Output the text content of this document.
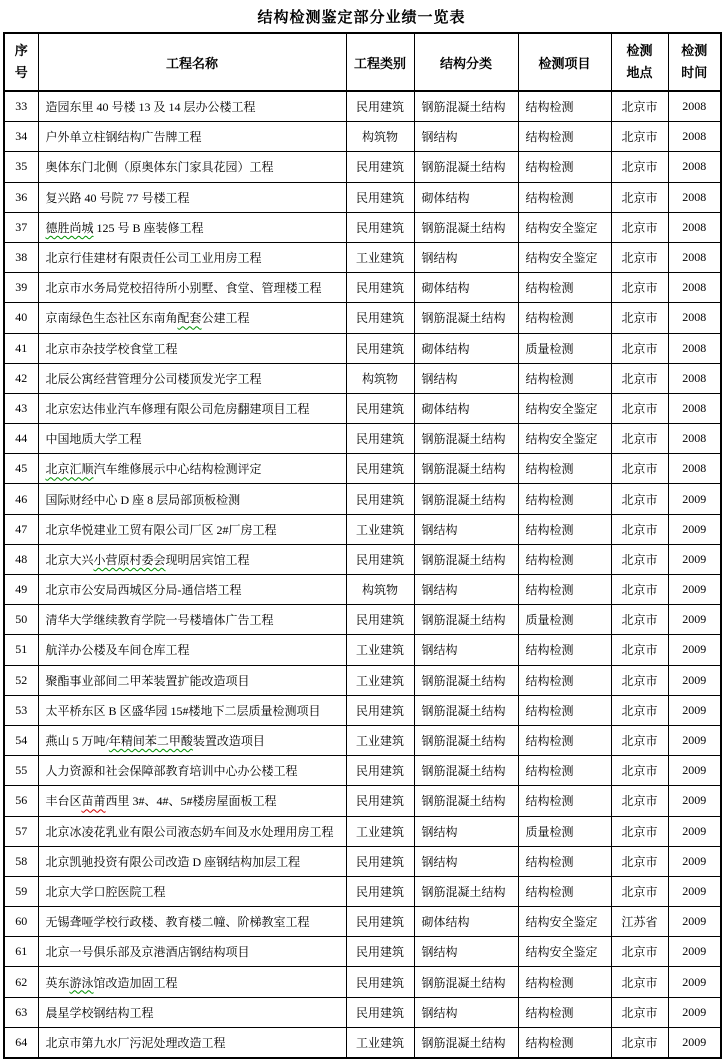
结构检测鉴定部分业绩一览表
序号	工程名称	工程类别	结构分类	检测项目	检测地点	检测时间
33	造园东里 40 号楼 13 及 14 层办公楼工程	民用建筑	钢筋混凝土结构	结构检测	北京市	2008
34	户外单立柱钢结构广告牌工程	构筑物	钢结构	结构检测	北京市	2008
35	奥体东门北侧（原奥体东门家具花园）工程	民用建筑	钢筋混凝土结构	结构检测	北京市	2008
36	复兴路 40 号院 77 号楼工程	民用建筑	砌体结构	结构检测	北京市	2008
37	德胜尚城 125 号 B 座装修工程	民用建筑	钢筋混凝土结构	结构安全鉴定	北京市	2008
38	北京行佳建材有限责任公司工业用房工程	工业建筑	钢结构	结构安全鉴定	北京市	2008
39	北京市水务局党校招待所小别墅、食堂、管理楼工程	民用建筑	砌体结构	结构检测	北京市	2008
40	京南绿色生态社区东南角配套公建工程	民用建筑	钢筋混凝土结构	结构检测	北京市	2008
41	北京市杂技学校食堂工程	民用建筑	砌体结构	质量检测	北京市	2008
42	北辰公寓经营管理分公司楼顶发光字工程	构筑物	钢结构	结构检测	北京市	2008
43	北京宏达伟业汽车修理有限公司危房翻建项目工程	民用建筑	砌体结构	结构安全鉴定	北京市	2008
44	中国地质大学工程	民用建筑	钢筋混凝土结构	结构安全鉴定	北京市	2008
45	北京汇顺汽车维修展示中心结构检测评定	民用建筑	钢筋混凝土结构	结构检测	北京市	2008
46	国际财经中心 D 座 8 层局部顶板检测	民用建筑	钢筋混凝土结构	结构检测	北京市	2009
47	北京华悦建业工贸有限公司厂区 2#厂房工程	工业建筑	钢结构	结构检测	北京市	2009
48	北京大兴小营原村委会现明居宾馆工程	民用建筑	钢筋混凝土结构	结构检测	北京市	2009
49	北京市公安局西城区分局-通信塔工程	构筑物	钢结构	结构检测	北京市	2009
50	清华大学继续教育学院一号楼墙体广告工程	民用建筑	钢筋混凝土结构	质量检测	北京市	2009
51	航洋办公楼及车间仓库工程	工业建筑	钢结构	结构检测	北京市	2009
52	聚酯事业部间二甲苯装置扩能改造项目	工业建筑	钢筋混凝土结构	结构检测	北京市	2009
53	太平桥东区 B 区盛华园 15#楼地下二层质量检测项目	民用建筑	钢筋混凝土结构	结构检测	北京市	2009
54	燕山 5 万吨/年精间苯二甲酸装置改造项目	工业建筑	钢筋混凝土结构	结构检测	北京市	2009
55	人力资源和社会保障部教育培训中心办公楼工程	民用建筑	钢筋混凝土结构	结构检测	北京市	2009
56	丰台区苗莆西里 3#、4#、5#楼房屋面板工程	民用建筑	钢筋混凝土结构	结构检测	北京市	2009
57	北京冰凌花乳业有限公司液态奶车间及水处理用房工程	工业建筑	钢结构	质量检测	北京市	2009
58	北京凯驰投资有限公司改造 D 座钢结构加层工程	民用建筑	钢结构	结构检测	北京市	2009
59	北京大学口腔医院工程	民用建筑	钢筋混凝土结构	结构检测	北京市	2009
60	无锡聋哑学校行政楼、教育楼二幢、阶梯教室工程	民用建筑	砌体结构	结构安全鉴定	江苏省	2009
61	北京一号俱乐部及京港酒店钢结构项目	民用建筑	钢结构	结构安全鉴定	北京市	2009
62	英东游泳馆改造加固工程	民用建筑	钢筋混凝土结构	结构检测	北京市	2009
63	晨星学校钢结构工程	民用建筑	钢结构	结构检测	北京市	2009
64	北京市第九水厂污泥处理改造工程	工业建筑	钢筋混凝土结构	结构检测	北京市	2009
